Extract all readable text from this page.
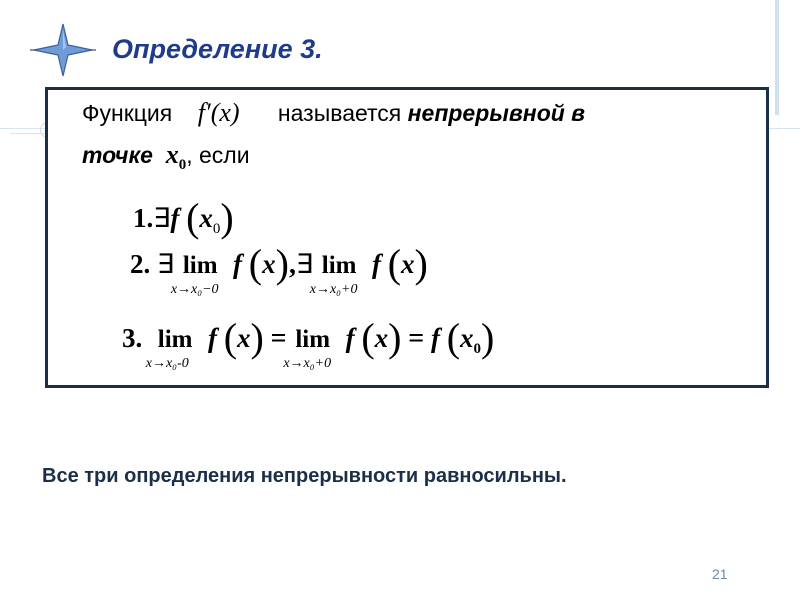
Определение 3.
Функция f′(x) называется непрерывной в
точке $x_0$, если
1.∃f $(x_0)$
2. ∃ lim
x→x₀−0
f (x),∃ lim
x→x₀+0
f (x)
3. lim
x→x₀-0
f (x) = lim
x→x₀+0
f (x) = f $(x_0)$
Все три определения непрерывности равносильны.
21
